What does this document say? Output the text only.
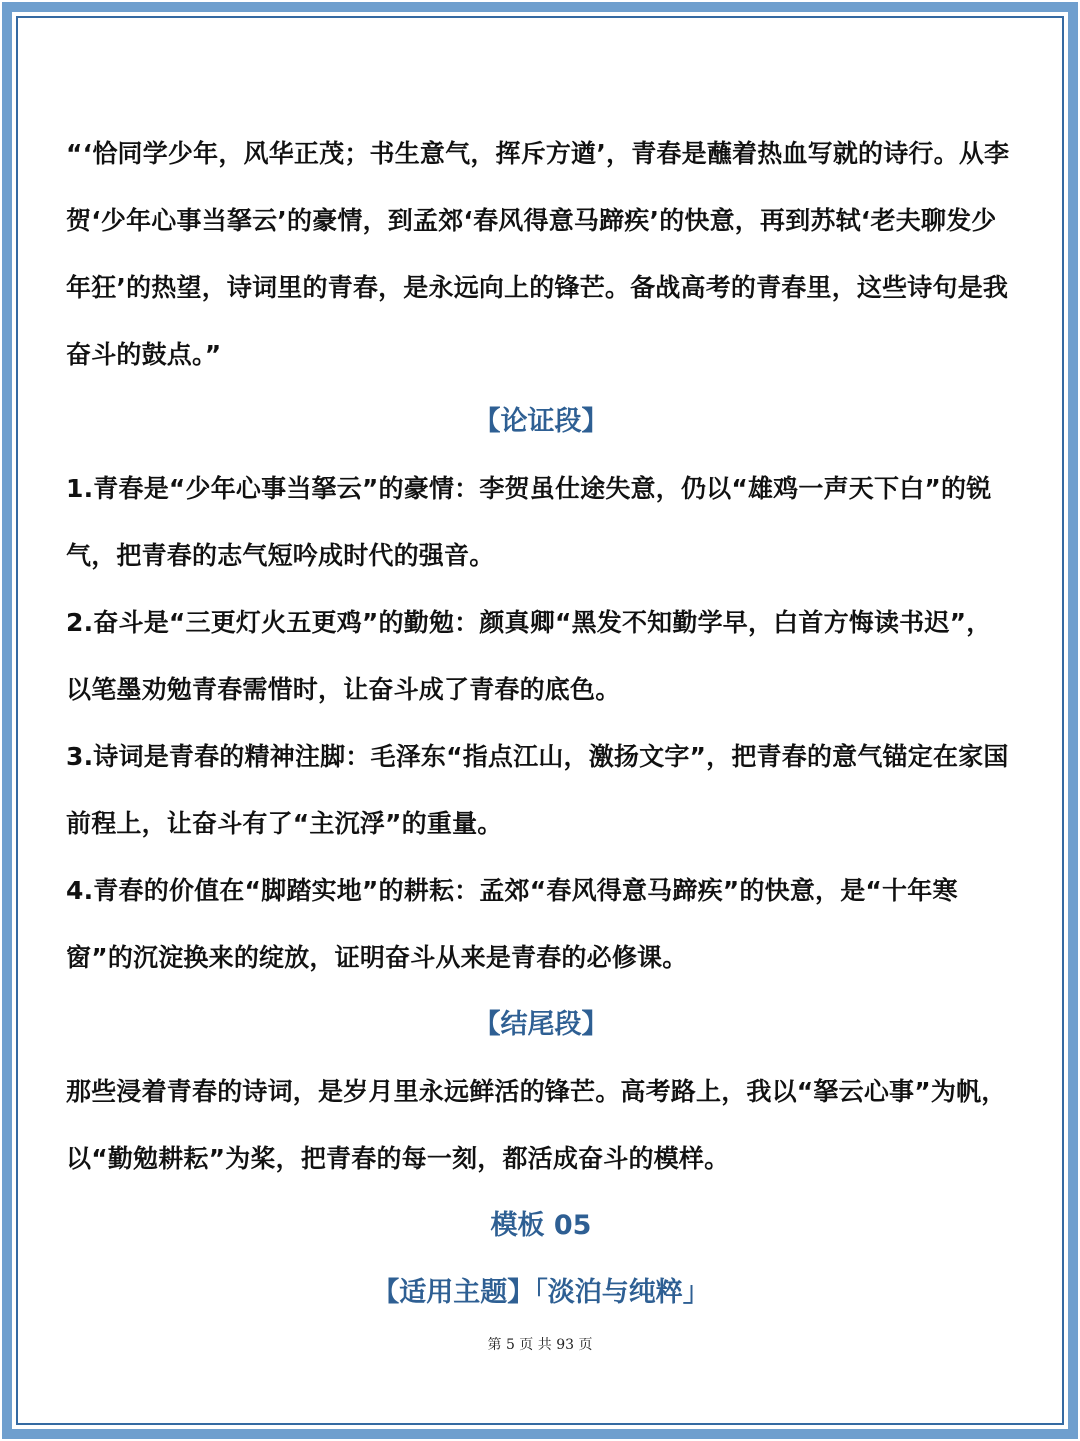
“‘恰同学少年，风华正茂；书生意气，挥斥方遒’，青春是蘸着热血写就的诗行。从李贺‘少年心事当拏云’的豪情，到孟郊‘春风得意马蹄疾’的快意，再到苏轼‘老夫聊发少年狂’的热望，诗词里的青春，是永远向上的锋芒。备战高考的青春里，这些诗句是我奋斗的鼓点。”

【论证段】

1.青春是“少年心事当拏云”的豪情：李贺虽仕途失意，仍以“雄鸡一声天下白”的锐气，把青春的志气短吟成时代的强音。

2.奋斗是“三更灯火五更鸡”的勤勉：颜真卿“黑发不知勤学早，白首方悔读书迟”，以笔墨劝勉青春需惜时，让奋斗成了青春的底色。

3.诗词是青春的精神注脚：毛泽东“指点江山，激扬文字”，把青春的意气锚定在家国前程上，让奋斗有了“主沉浮”的重量。

4.青春的价值在“脚踏实地”的耕耘：孟郊“春风得意马蹄疾”的快意，是“十年寒窗”的沉淀换来的绽放，证明奋斗从来是青春的必修课。

【结尾段】

那些浸着青春的诗词，是岁月里永远鲜活的锋芒。高考路上，我以“拏云心事”为帆，以“勤勉耕耘”为桨，把青春的每一刻，都活成奋斗的模样。

模板 05

【适用主题】「淡泊与纯粹」

第 5 页 共 93 页
